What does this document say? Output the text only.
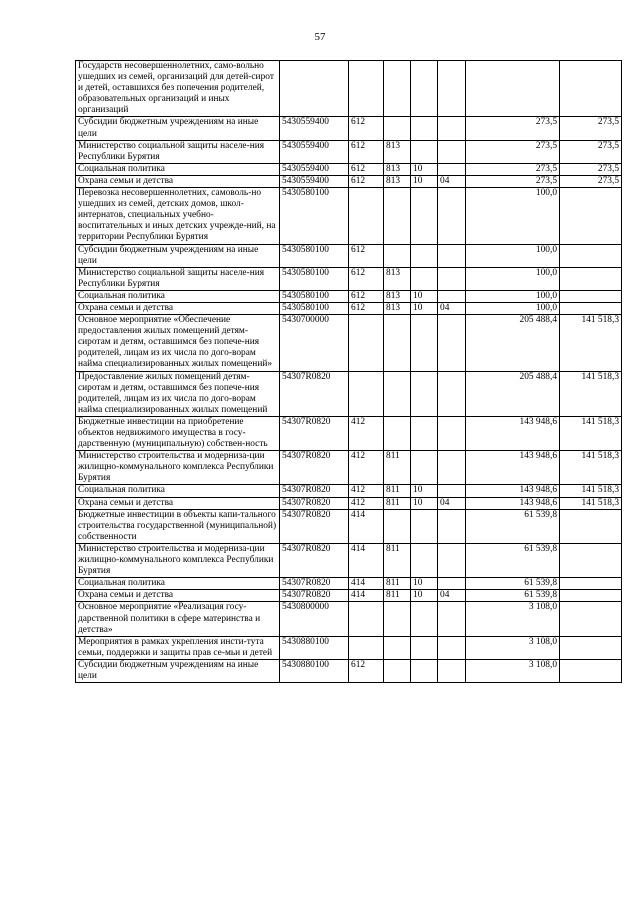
57
Государств несовершеннолетних, само-вольно ушедших из семей, организаций для детей-сирот и детей, оставшихся без попечения родителей, образовательных организаций и иных организаций							
Субсидии бюджетным учреждениям на иные цели	5430559400	612				273,5	273,5
Министерство социальной защиты населе-ния Республики Бурятия	5430559400	612	813			273,5	273,5
Социальная политика	5430559400	612	813	10		273,5	273,5
Охрана семьи и детства	5430559400	612	813	10	04	273,5	273,5
Перевозка несовершеннолетних, самоволь-но ушедших из семей, детских домов, школ-интернатов, специальных учебно-воспитательных и иных детских учрежде-ний, на территории Республики Бурятия	5430580100					100,0	
Субсидии бюджетным учреждениям на иные цели	5430580100	612				100,0	
Министерство социальной защиты населе-ния Республики Бурятия	5430580100	612	813			100,0	
Социальная политика	5430580100	612	813	10		100,0	
Охрана семьи и детства	5430580100	612	813	10	04	100,0	
Основное мероприятие «Обеспечение предоставления жилых помещений детям-сиротам и детям, оставшимся без попече-ния родителей, лицам из их числа по дого-ворам найма специализированных жилых помещений»	5430700000					205 488,4	141 518,3
Предоставление жилых помещений детям-сиротам и детям, оставшимся без попече-ния родителей, лицам из их числа по дого-ворам найма специализированных жилых помещений	54307R0820					205 488,4	141 518,3
Бюджетные инвестиции на приобретение объектов недвижимого имущества в госу-дарственную (муниципальную) собствен-ность	54307R0820	412				143 948,6	141 518,3
Министерство строительства и модерниза-ции жилищно-коммунального комплекса Республики Бурятия	54307R0820	412	811			143 948,6	141 518,3
Социальная политика	54307R0820	412	811	10		143 948,6	141 518,3
Охрана семьи и детства	54307R0820	412	811	10	04	143 948,6	141 518,3
Бюджетные инвестиции в объекты капи-тального строительства государственной (муниципальной) собственности	54307R0820	414				61 539,8	
Министерство строительства и модерниза-ции жилищно-коммунального комплекса Республики Бурятия	54307R0820	414	811			61 539,8	
Социальная политика	54307R0820	414	811	10		61 539,8	
Охрана семьи и детства	54307R0820	414	811	10	04	61 539,8	
Основное мероприятие «Реализация госу-дарственной политики в сфере материнства и детства»	5430800000					3 108,0	
Мероприятия в рамках укрепления инсти-тута семьи, поддержки и защиты прав се-мьи и детей	5430880100					3 108,0	
Субсидии бюджетным учреждениям на иные цели	5430880100	612				3 108,0	
